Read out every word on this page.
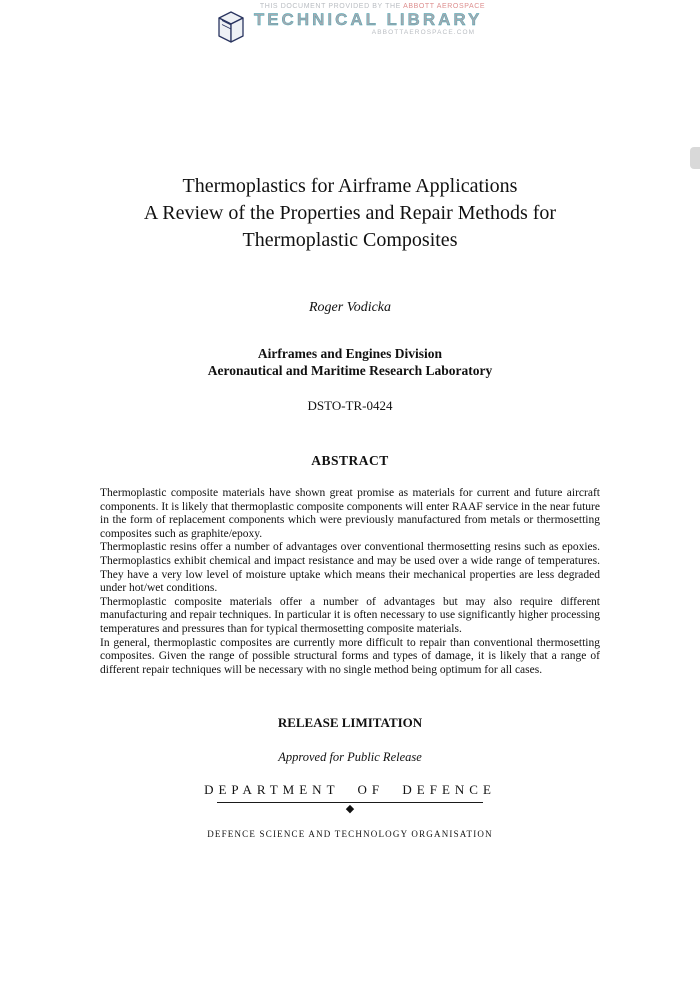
THIS DOCUMENT PROVIDED BY THE ABBOTT AEROSPACE
TECHNICAL LIBRARY
ABBOTTAEROSPACE.COM
Thermoplastics for Airframe Applications
A Review of the Properties and Repair Methods for
Thermoplastic Composites
Roger Vodicka
Airframes and Engines Division
Aeronautical and Maritime Research Laboratory
DSTO-TR-0424
ABSTRACT

Thermoplastic composite materials have shown great promise as materials for current and future aircraft components. It is likely that thermoplastic composite components will enter RAAF service in the near future in the form of replacement components which were previously manufactured from metals or thermosetting composites such as graphite/epoxy.

Thermoplastic resins offer a number of advantages over conventional thermosetting resins such as epoxies. Thermoplastics exhibit chemical and impact resistance and may be used over a wide range of temperatures. They have a very low level of moisture uptake which means their mechanical properties are less degraded under hot/wet conditions.

Thermoplastic composite materials offer a number of advantages but may also require different manufacturing and repair techniques. In particular it is often necessary to use significantly higher processing temperatures and pressures than for typical thermosetting composite materials.

In general, thermoplastic composites are currently more difficult to repair than conventional thermosetting composites. Given the range of possible structural forms and types of damage, it is likely that a range of different repair techniques will be necessary with no single method being optimum for all cases.

RELEASE LIMITATION
Approved for Public Release
DEPARTMENT OF DEFENCE
◆
DEFENCE SCIENCE AND TECHNOLOGY ORGANISATION
